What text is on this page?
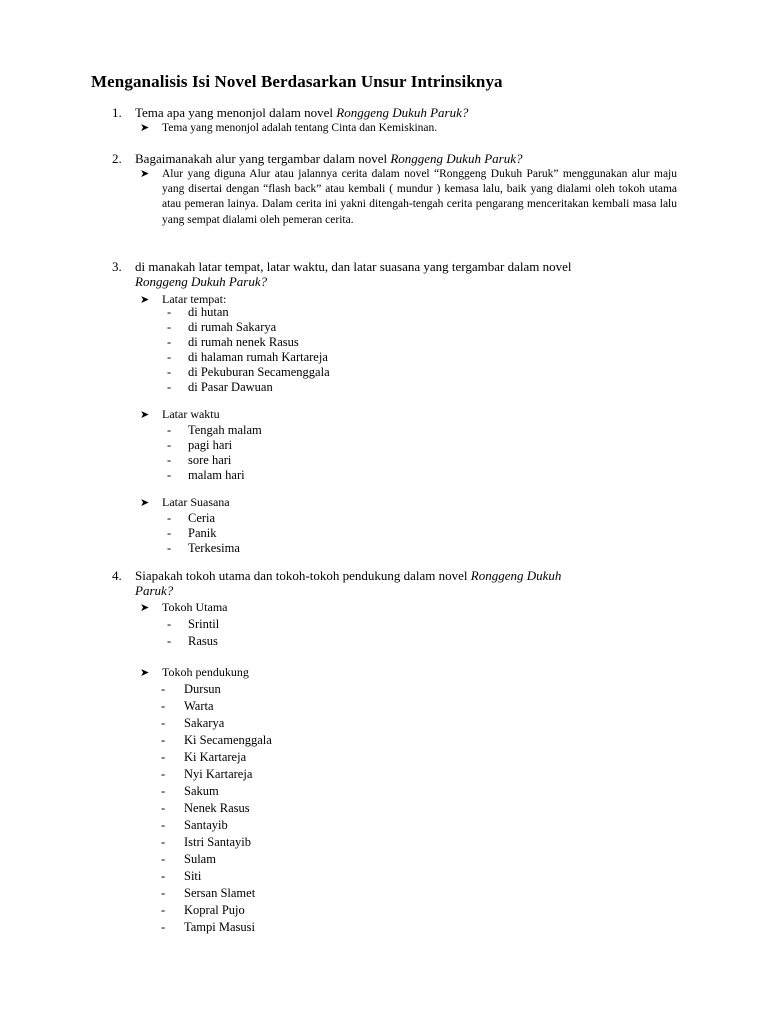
Menganalisis Isi Novel Berdasarkan Unsur Intrinsiknya
1. Tema apa yang menonjol dalam novel Ronggeng Dukuh Paruk?
➤ Tema yang menonjol adalah tentang Cinta dan Kemiskinan.
2. Bagaimanakah alur yang tergambar dalam novel Ronggeng Dukuh Paruk?
➤ Alur yang diguna Alur atau jalannya cerita dalam novel “Ronggeng Dukuh Paruk” menggunakan alur maju yang disertai dengan “flash back” atau kembali ( mundur ) kemasa lalu, baik yang dialami oleh tokoh utama atau pemeran lainya. Dalam cerita ini yakni ditengah-tengah cerita pengarang menceritakan kembali masa lalu yang sempat dialami oleh pemeran cerita.
3. di manakah latar tempat, latar waktu, dan latar suasana yang tergambar dalam novel
Ronggeng Dukuh Paruk?
➤ Latar tempat:
- di hutan
- di rumah Sakarya
- di rumah nenek Rasus
- di halaman rumah Kartareja
- di Pekuburan Secamenggala
- di Pasar Dawuan
➤ Latar waktu
- Tengah malam
- pagi hari
- sore hari
- malam hari
➤ Latar Suasana
- Ceria
- Panik
- Terkesima
4. Siapakah tokoh utama dan tokoh-tokoh pendukung dalam novel Ronggeng Dukuh
Paruk?
➤ Tokoh Utama
- Srintil
- Rasus
➤ Tokoh pendukung
- Dursun
- Warta
- Sakarya
- Ki Secamenggala
- Ki Kartareja
- Nyi Kartareja
- Sakum
- Nenek Rasus
- Santayib
- Istri Santayib
- Sulam
- Siti
- Sersan Slamet
- Kopral Pujo
- Tampi Masusi
